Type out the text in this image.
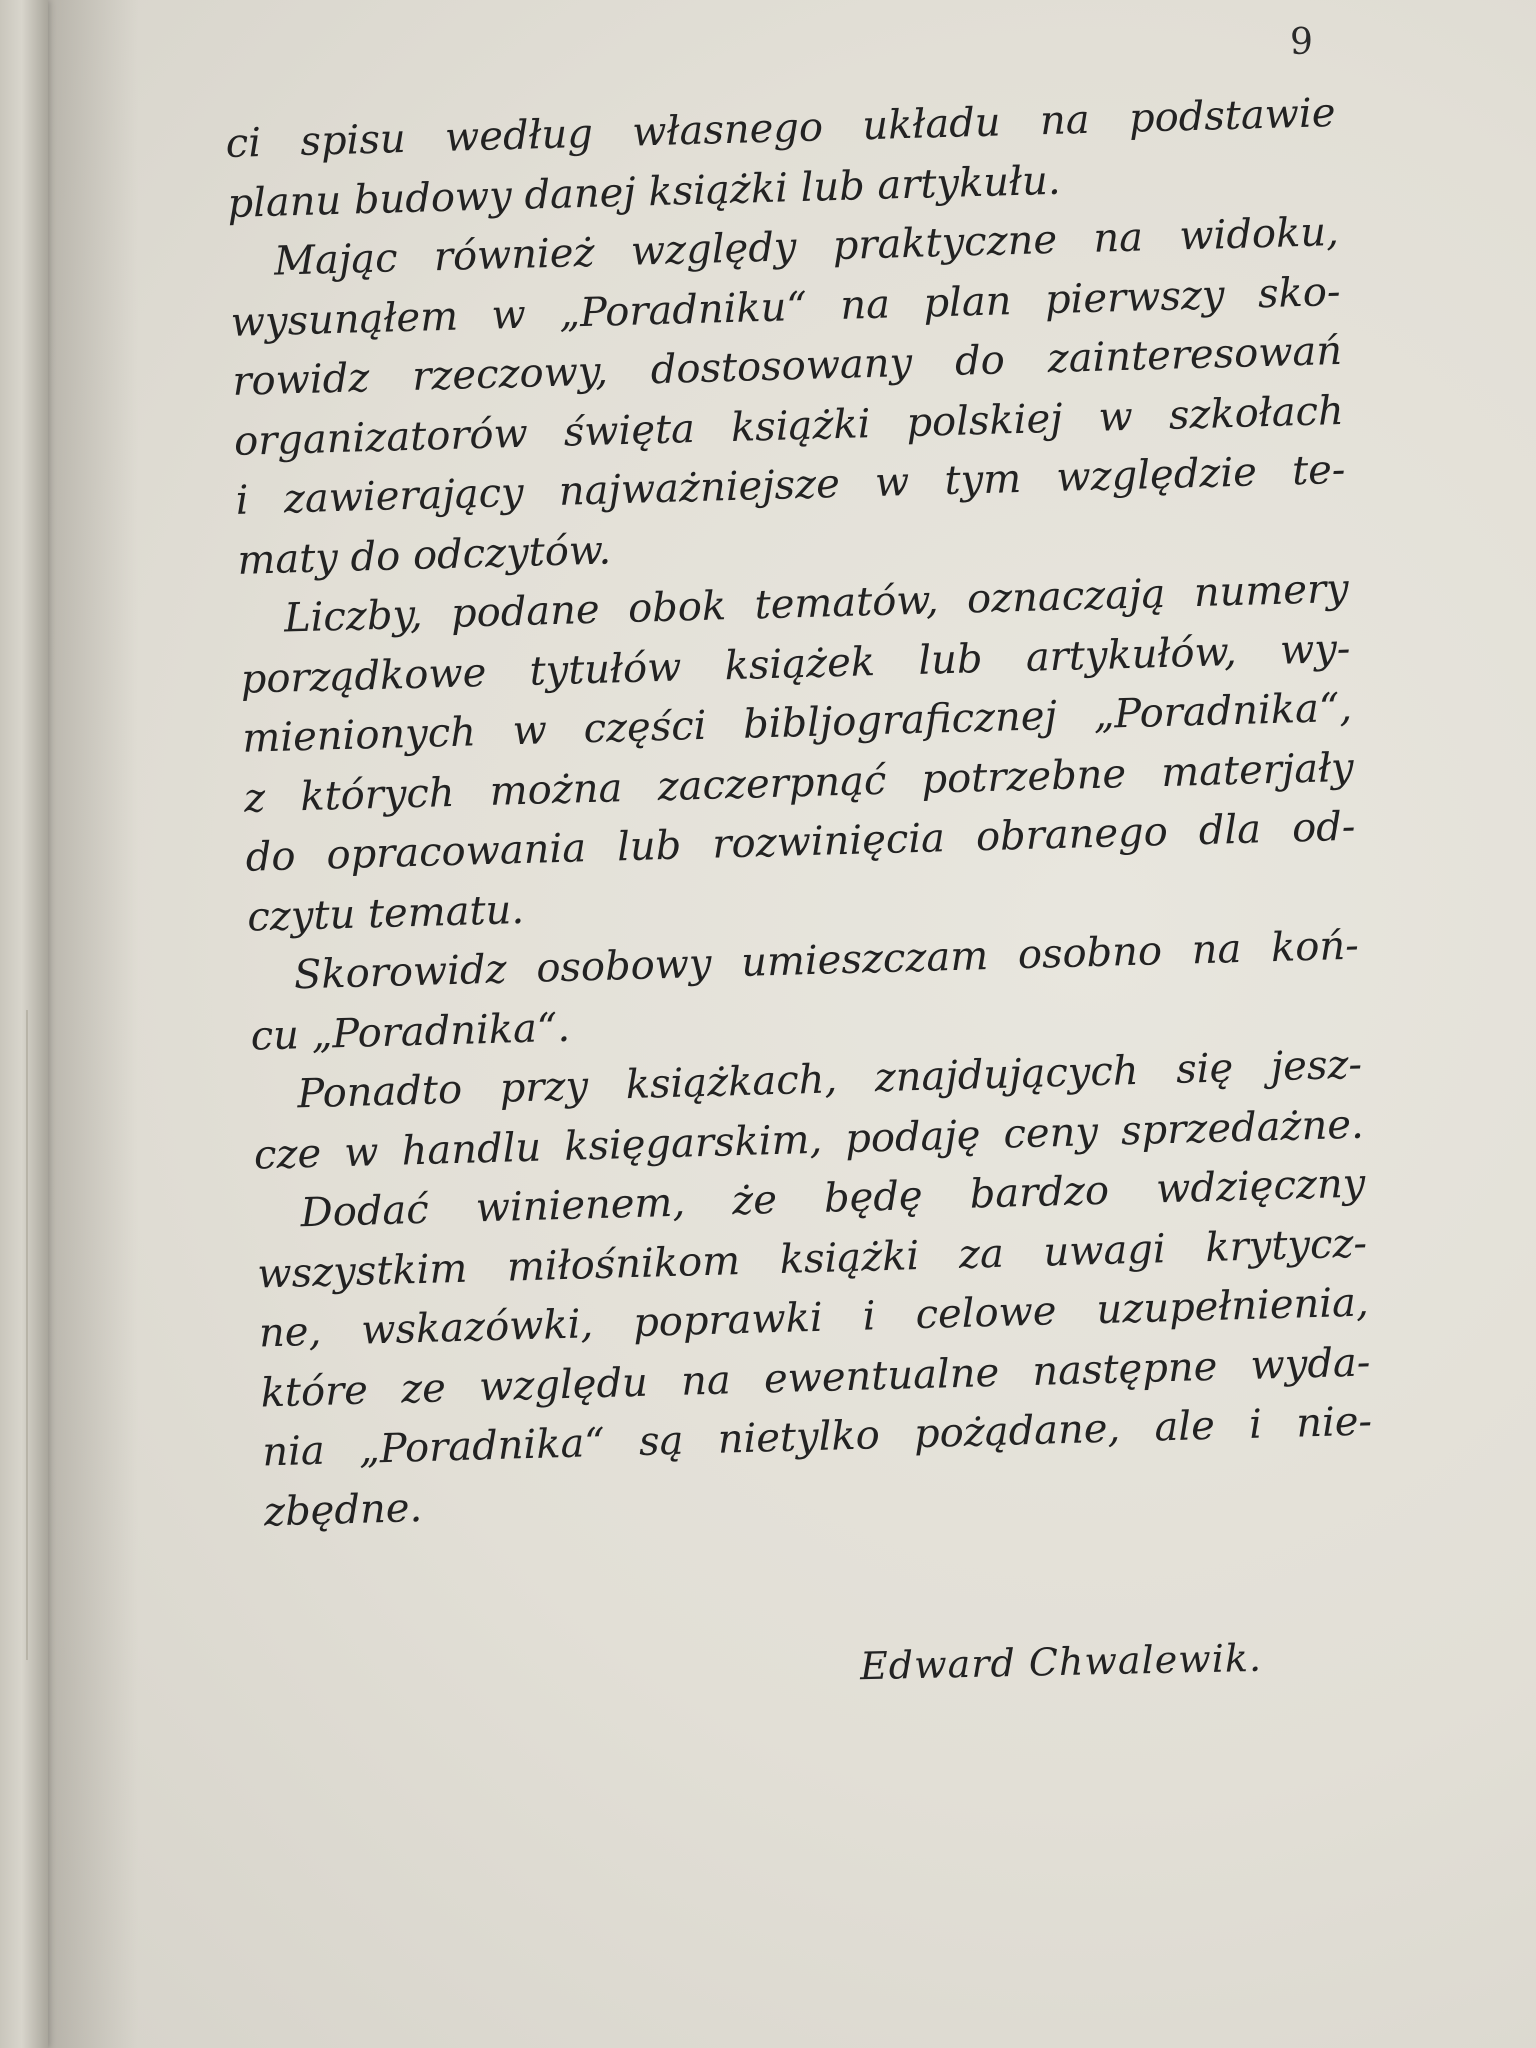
9
ci spisu według własnego układu na podstawie
planu budowy danej książki lub artykułu.
Mając również względy praktyczne na widoku,
wysunąłem w „Poradniku“ na plan pierwszy sko-
rowidz rzeczowy, dostosowany do zainteresowań
organizatorów święta książki polskiej w szkołach
i zawierający najważniejsze w tym względzie te-
maty do odczytów.
Liczby, podane obok tematów, oznaczają numery
porządkowe tytułów książek lub artykułów, wy-
mienionych w części bibljograficznej „Poradnika“,
z których można zaczerpnąć potrzebne materjały
do opracowania lub rozwinięcia obranego dla od-
czytu tematu.
Skorowidz osobowy umieszczam osobno na koń-
cu „Poradnika“.
Ponadto przy książkach, znajdujących się jesz-
cze w handlu księgarskim, podaję ceny sprzedażne.
Dodać winienem, że będę bardzo wdzięczny
wszystkim miłośnikom książki za uwagi krytycz-
ne, wskazówki, poprawki i celowe uzupełnienia,
które ze względu na ewentualne następne wyda-
nia „Poradnika“ są nietylko pożądane, ale i nie-
zbędne.
Edward Chwalewik.
